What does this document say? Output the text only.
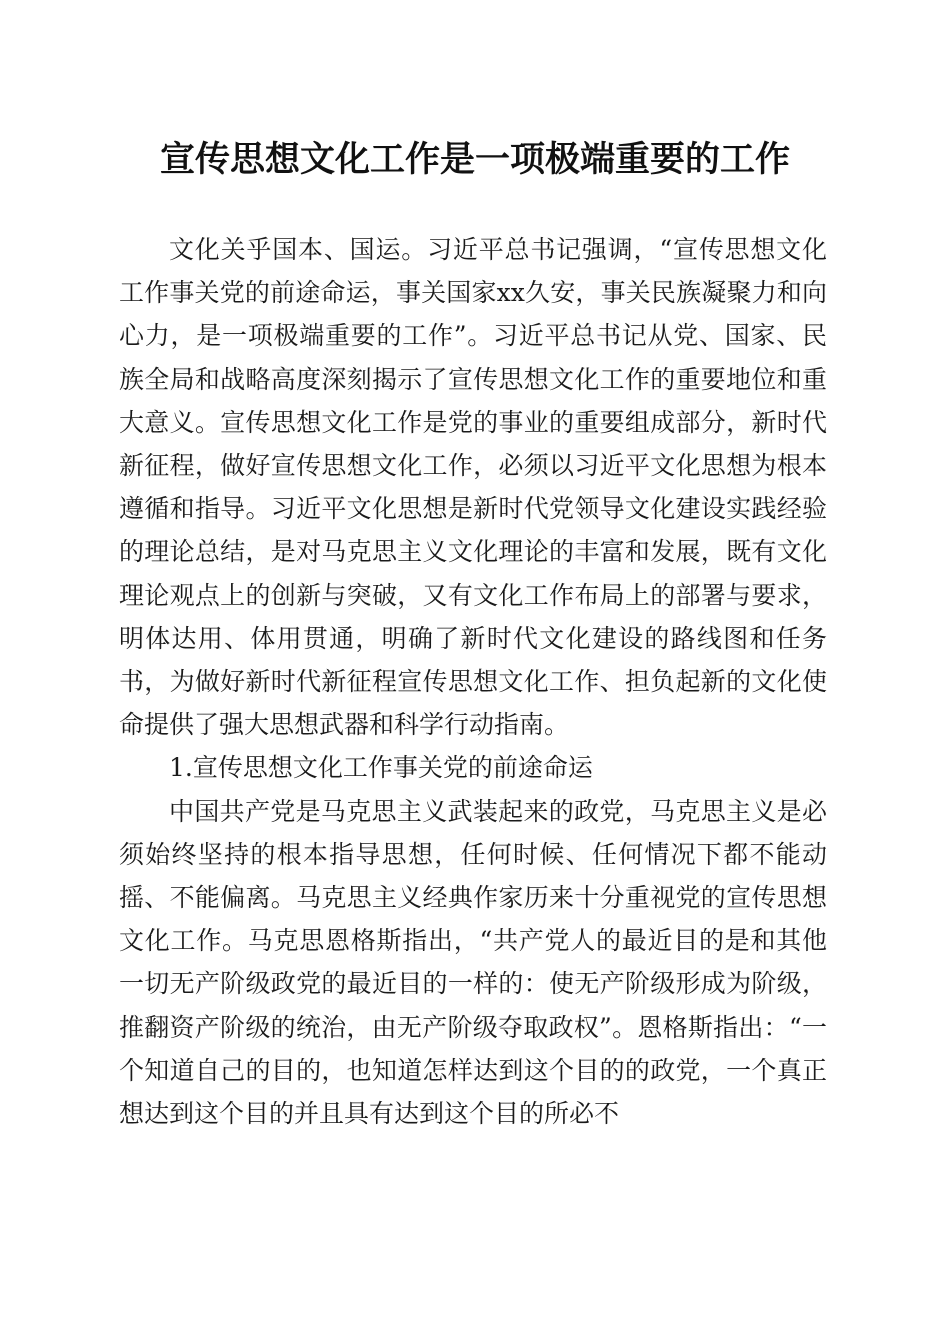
宣传思想文化工作是一项极端重要的工作

文化关乎国本、国运。习近平总书记强调，“宣传思想文化工作事关党的前途命运，事关国家xx久安，事关民族凝聚力和向心力，是一项极端重要的工作”。习近平总书记从党、国家、民族全局和战略高度深刻揭示了宣传思想文化工作的重要地位和重大意义。宣传思想文化工作是党的事业的重要组成部分，新时代新征程，做好宣传思想文化工作，必须以习近平文化思想为根本遵循和指导。习近平文化思想是新时代党领导文化建设实践经验的理论总结，是对马克思主义文化理论的丰富和发展，既有文化理论观点上的创新与突破，又有文化工作布局上的部署与要求，明体达用、体用贯通，明确了新时代文化建设的路线图和任务书，为做好新时代新征程宣传思想文化工作、担负起新的文化使命提供了强大思想武器和科学行动指南。

1.宣传思想文化工作事关党的前途命运

中国共产党是马克思主义武装起来的政党，马克思主义是必须始终坚持的根本指导思想，任何时候、任何情况下都不能动摇、不能偏离。马克思主义经典作家历来十分重视党的宣传思想文化工作。马克思恩格斯指出，“共产党人的最近目的是和其他一切无产阶级政党的最近目的一样的：使无产阶级形成为阶级，推翻资产阶级的统治，由无产阶级夺取政权”。恩格斯指出：“一个知道自己的目的，也知道怎样达到这个目的的政党，一个真正想达到这个目的并且具有达到这个目的所必不
